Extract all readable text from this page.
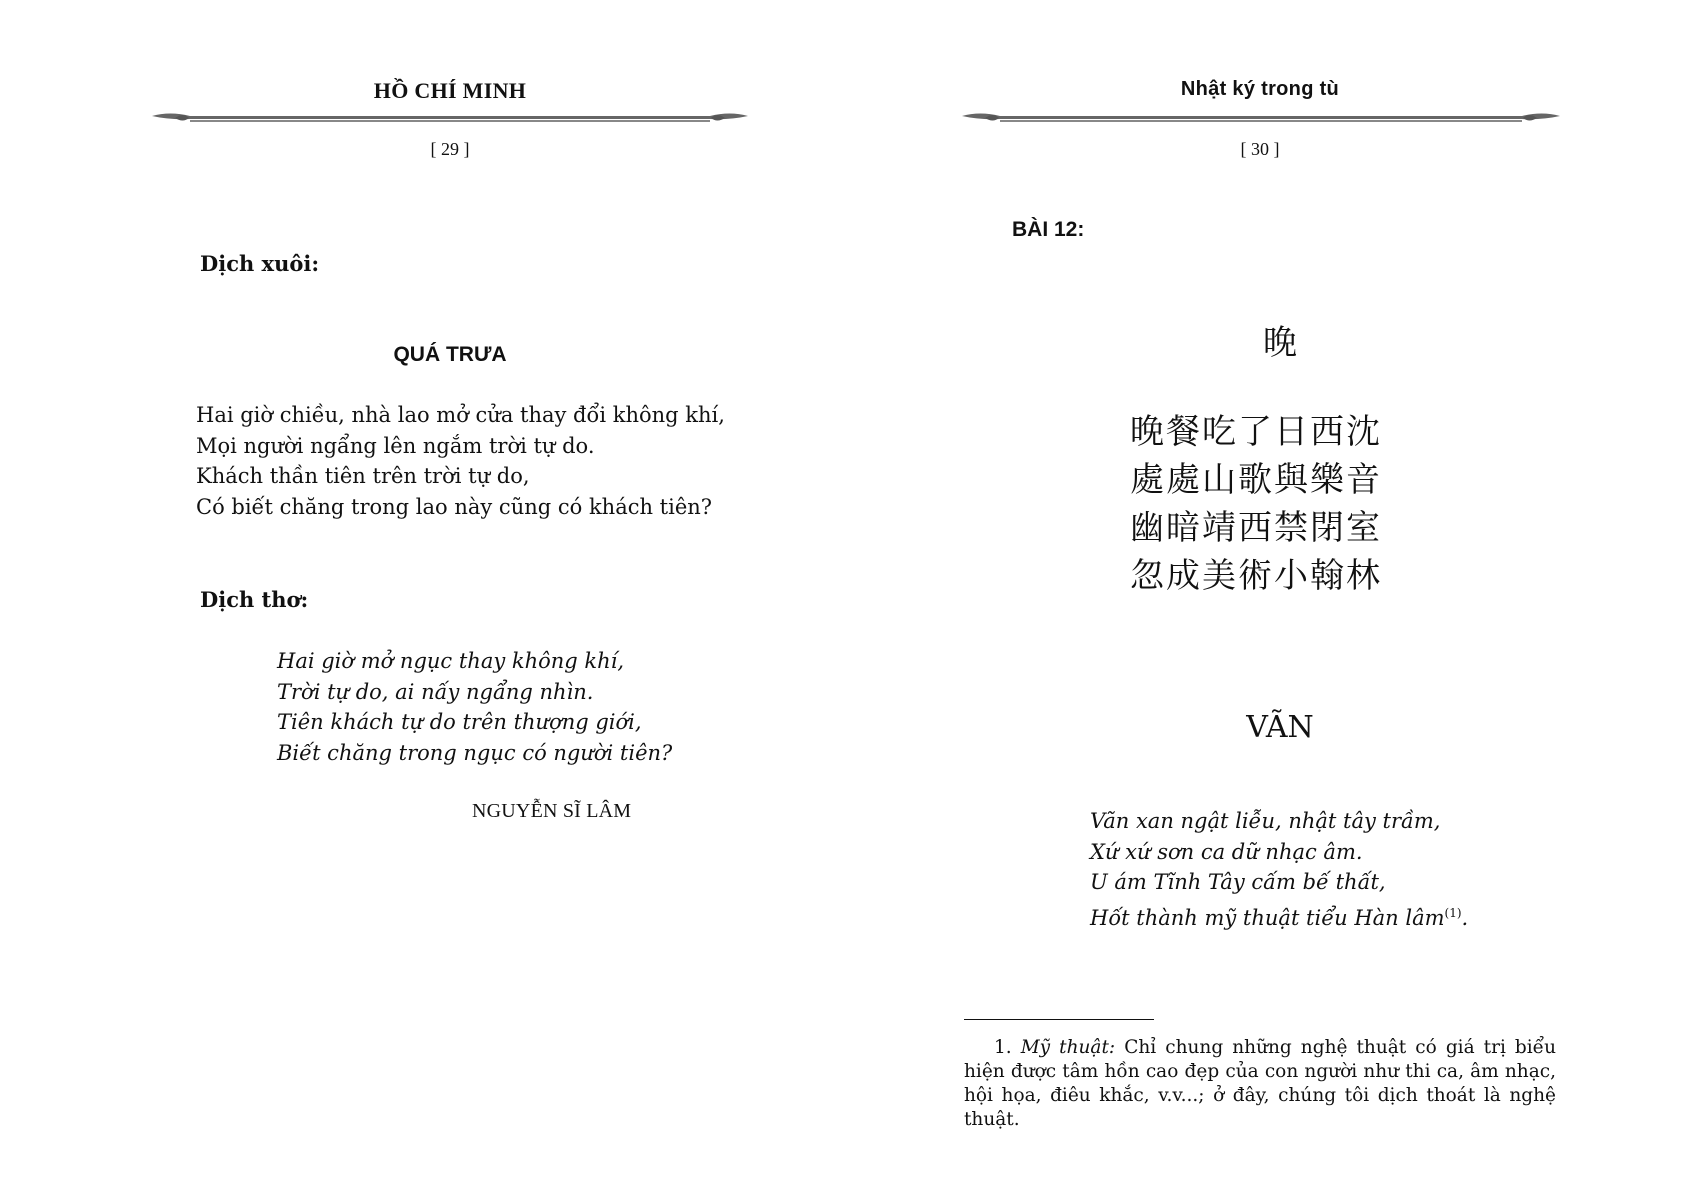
HỒ CHÍ MINH
[ 29 ]
Dịch xuôi:
QUÁ TRƯA
Hai giờ chiều, nhà lao mở cửa thay đổi không khí,
Mọi người ngẩng lên ngắm trời tự do.
Khách thần tiên trên trời tự do,
Có biết chăng trong lao này cũng có khách tiên?
Dịch thơ:
Hai giờ mở ngục thay không khí,
Trời tự do, ai nấy ngẩng nhìn.
Tiên khách tự do trên thượng giới,
Biết chăng trong ngục có người tiên?
NGUYỄN SĨ LÂM
Nhật ký trong tù
[ 30 ]
BÀI 12:
晚
晚餐吃了日西沈
處處山歌與樂音
幽暗靖西禁閉室
忽成美術小翰林
VÃN
Vãn xan ngật liễu, nhật tây trầm,
Xứ xứ sơn ca dữ nhạc âm.
U ám Tĩnh Tây cấm bế thất,
Hốt thành mỹ thuật tiểu Hàn lâm$^{(1)}$.
1. Mỹ thuật: Chỉ chung những nghệ thuật có giá trị biểu hiện được tâm hồn cao đẹp của con người như thi ca, âm nhạc, hội họa, điêu khắc, v.v...; ở đây, chúng tôi dịch thoát là nghệ thuật.
